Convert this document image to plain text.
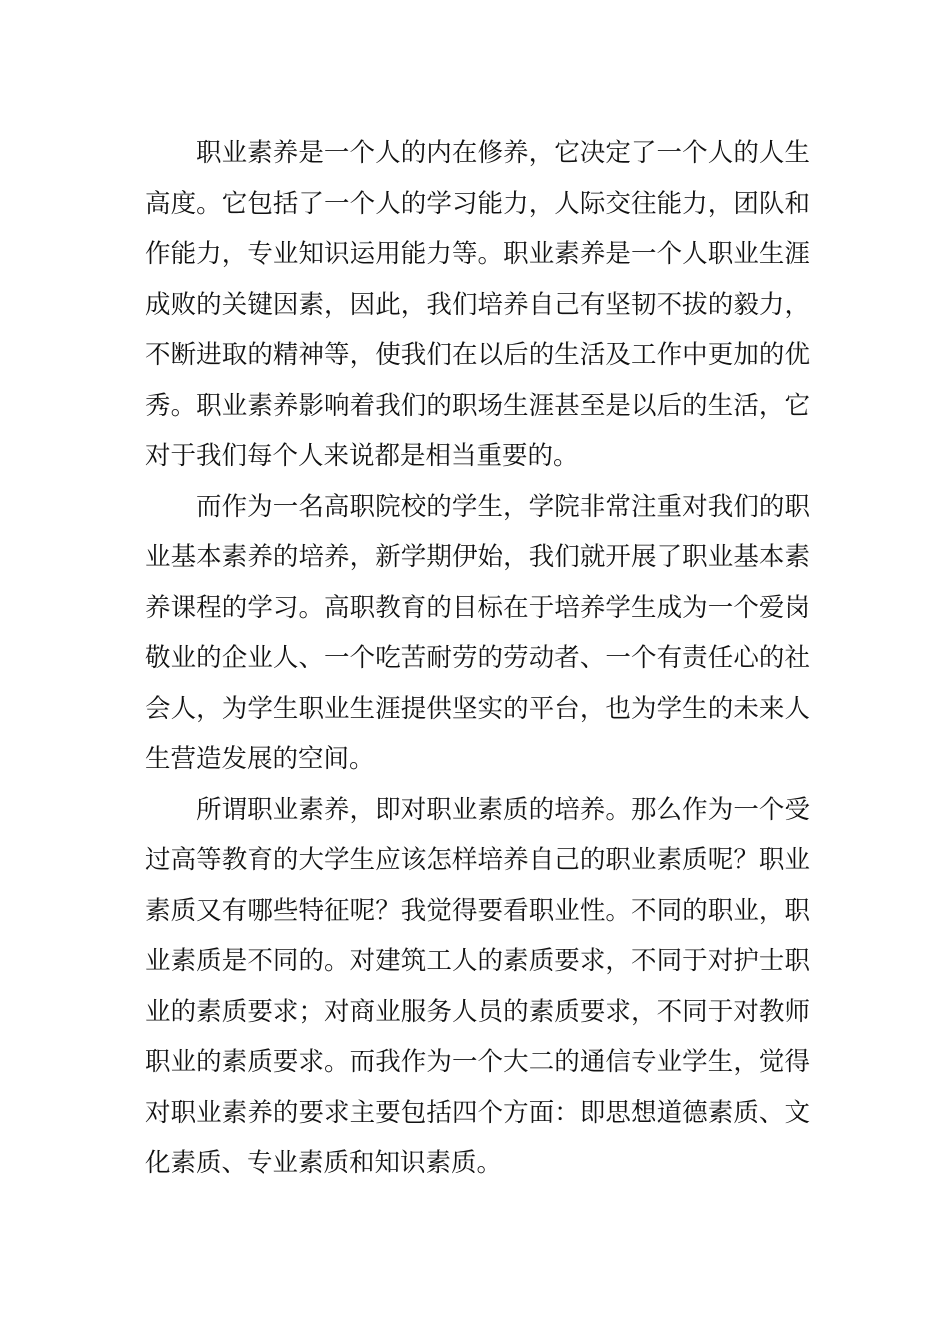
职业素养是一个人的内在修养，它决定了一个人的人生高度。它包括了一个人的学习能力，人际交往能力，团队和作能力，专业知识运用能力等。职业素养是一个人职业生涯成败的关键因素，因此，我们培养自己有坚韧不拔的毅力，不断进取的精神等，使我们在以后的生活及工作中更加的优秀。职业素养影响着我们的职场生涯甚至是以后的生活，它对于我们每个人来说都是相当重要的。

而作为一名高职院校的学生，学院非常注重对我们的职业基本素养的培养，新学期伊始，我们就开展了职业基本素养课程的学习。高职教育的目标在于培养学生成为一个爱岗敬业的企业人、一个吃苦耐劳的劳动者、一个有责任心的社会人，为学生职业生涯提供坚实的平台，也为学生的未来人生营造发展的空间。

所谓职业素养，即对职业素质的培养。那么作为一个受过高等教育的大学生应该怎样培养自己的职业素质呢？职业素质又有哪些特征呢？我觉得要看职业性。不同的职业，职业素质是不同的。对建筑工人的素质要求，不同于对护士职业的素质要求；对商业服务人员的素质要求，不同于对教师职业的素质要求。而我作为一个大二的通信专业学生，觉得对职业素养的要求主要包括四个方面：即思想道德素质、文化素质、专业素质和知识素质。
